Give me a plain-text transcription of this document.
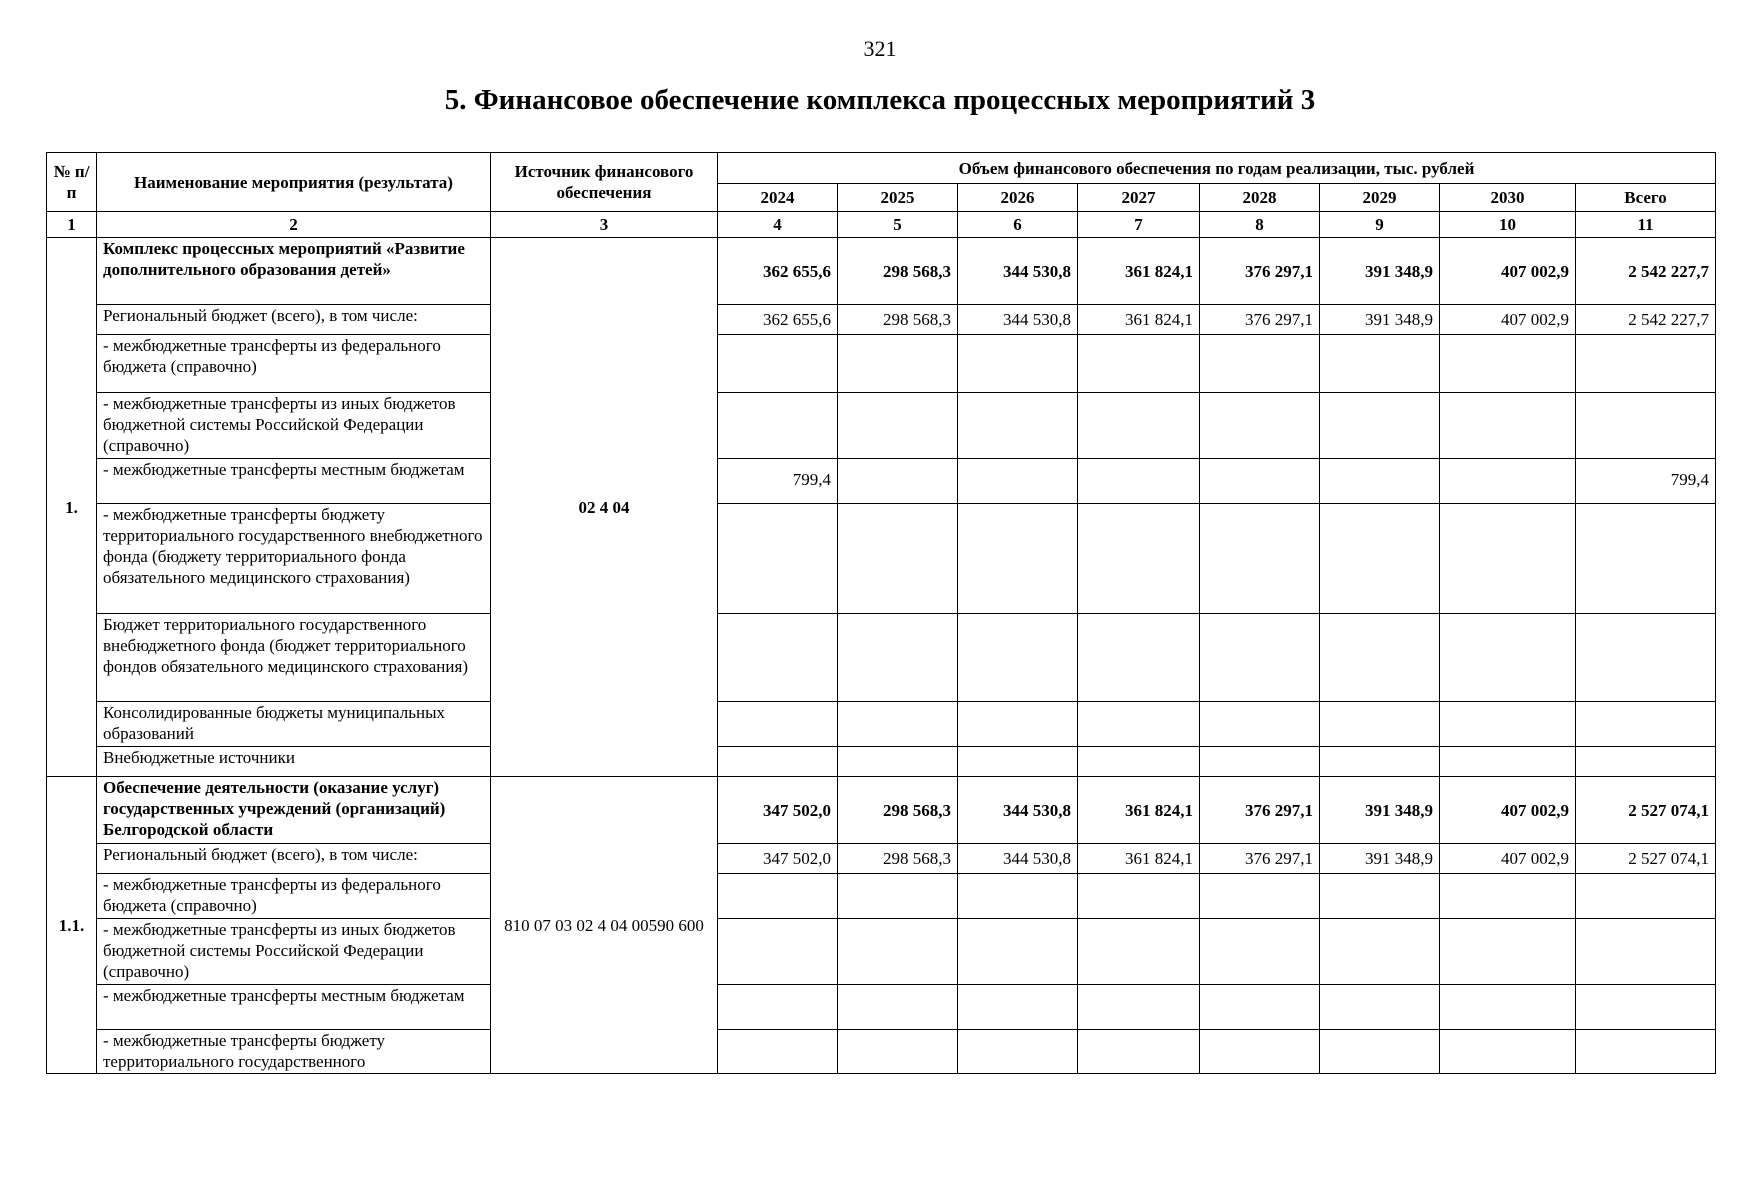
321
5. Финансовое обеспечение комплекса процессных мероприятий 3
№ п/п	Наименование мероприятия (результата)	Источник финансового обеспечения	Объем финансового обеспечения по годам реализации, тыс. рублей							
			2024	2025	2026	2027	2028	2029	2030	Всего
1	2	3	4	5	6	7	8	9	10	11
1.	Комплекс процессных мероприятий «Развитие дополнительного образования детей»	02 4 04	362 655,6	298 568,3	344 530,8	361 824,1	376 297,1	391 348,9	407 002,9	2 542 227,7
	Региональный бюджет (всего), в том числе:		362 655,6	298 568,3	344 530,8	361 824,1	376 297,1	391 348,9	407 002,9	2 542 227,7
	- межбюджетные трансферты из федерального бюджета (справочно)									
	- межбюджетные трансферты из иных бюджетов бюджетной системы Российской Федерации (справочно)									
	- межбюджетные трансферты местным бюджетам		799,4							799,4
	- межбюджетные трансферты бюджету территориального государственного внебюджетного фонда (бюджету территориального фонда обязательного медицинского страхования)									
	Бюджет территориального государственного внебюджетного фонда (бюджет территориального фондов обязательного медицинского страхования)									
	Консолидированные бюджеты муниципальных образований									
	Внебюджетные источники									
1.1.	Обеспечение деятельности (оказание услуг) государственных учреждений (организаций) Белгородской области	810 07 03 02 4 04 00590 600	347 502,0	298 568,3	344 530,8	361 824,1	376 297,1	391 348,9	407 002,9	2 527 074,1
	Региональный бюджет (всего), в том числе:		347 502,0	298 568,3	344 530,8	361 824,1	376 297,1	391 348,9	407 002,9	2 527 074,1
	- межбюджетные трансферты из федерального бюджета (справочно)									
	- межбюджетные трансферты из иных бюджетов бюджетной системы Российской Федерации (справочно)									
	- межбюджетные трансферты местным бюджетам									
	- межбюджетные трансферты бюджету территориального государственного									
